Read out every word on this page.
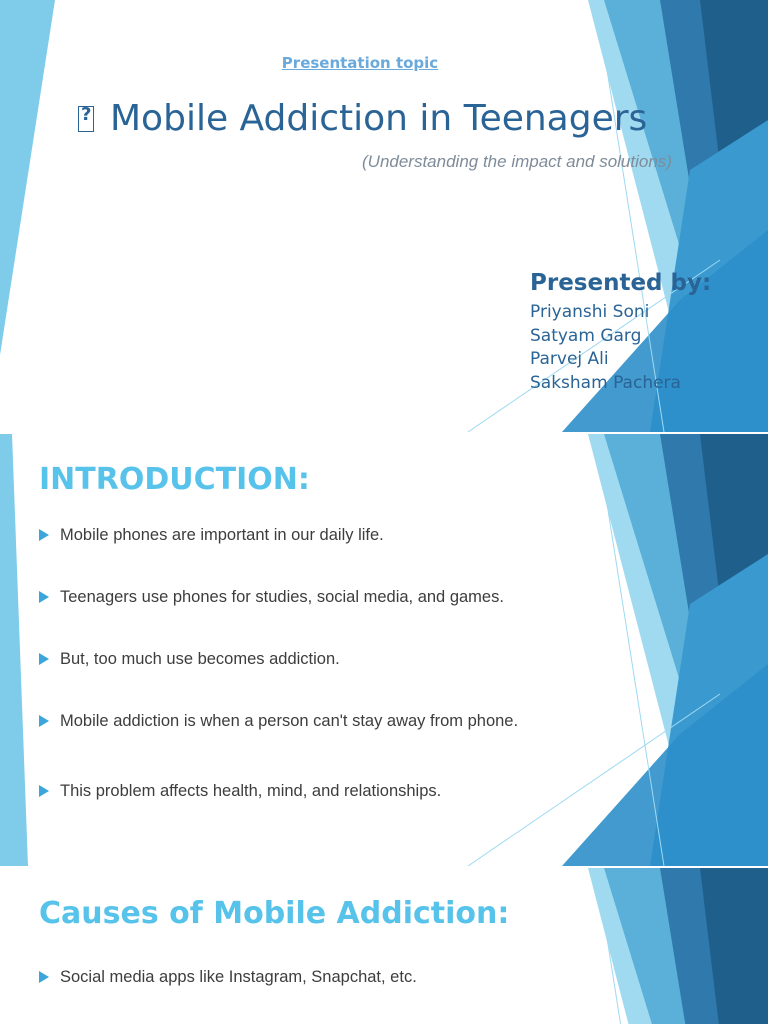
Presentation topic
?Mobile Addiction in Teenagers
(Understanding the impact and solutions)
Presented by:
Priyanshi Soni
Satyam Garg
Parvej Ali
Saksham Pachera
INTRODUCTION:
Mobile phones are important in our daily life.
Teenagers use phones for studies, social media, and games.
But, too much use becomes addiction.
Mobile addiction is when a person can't stay away from phone.
This problem affects health, mind, and relationships.
Causes of Mobile Addiction:
Social media apps like Instagram, Snapchat, etc.
